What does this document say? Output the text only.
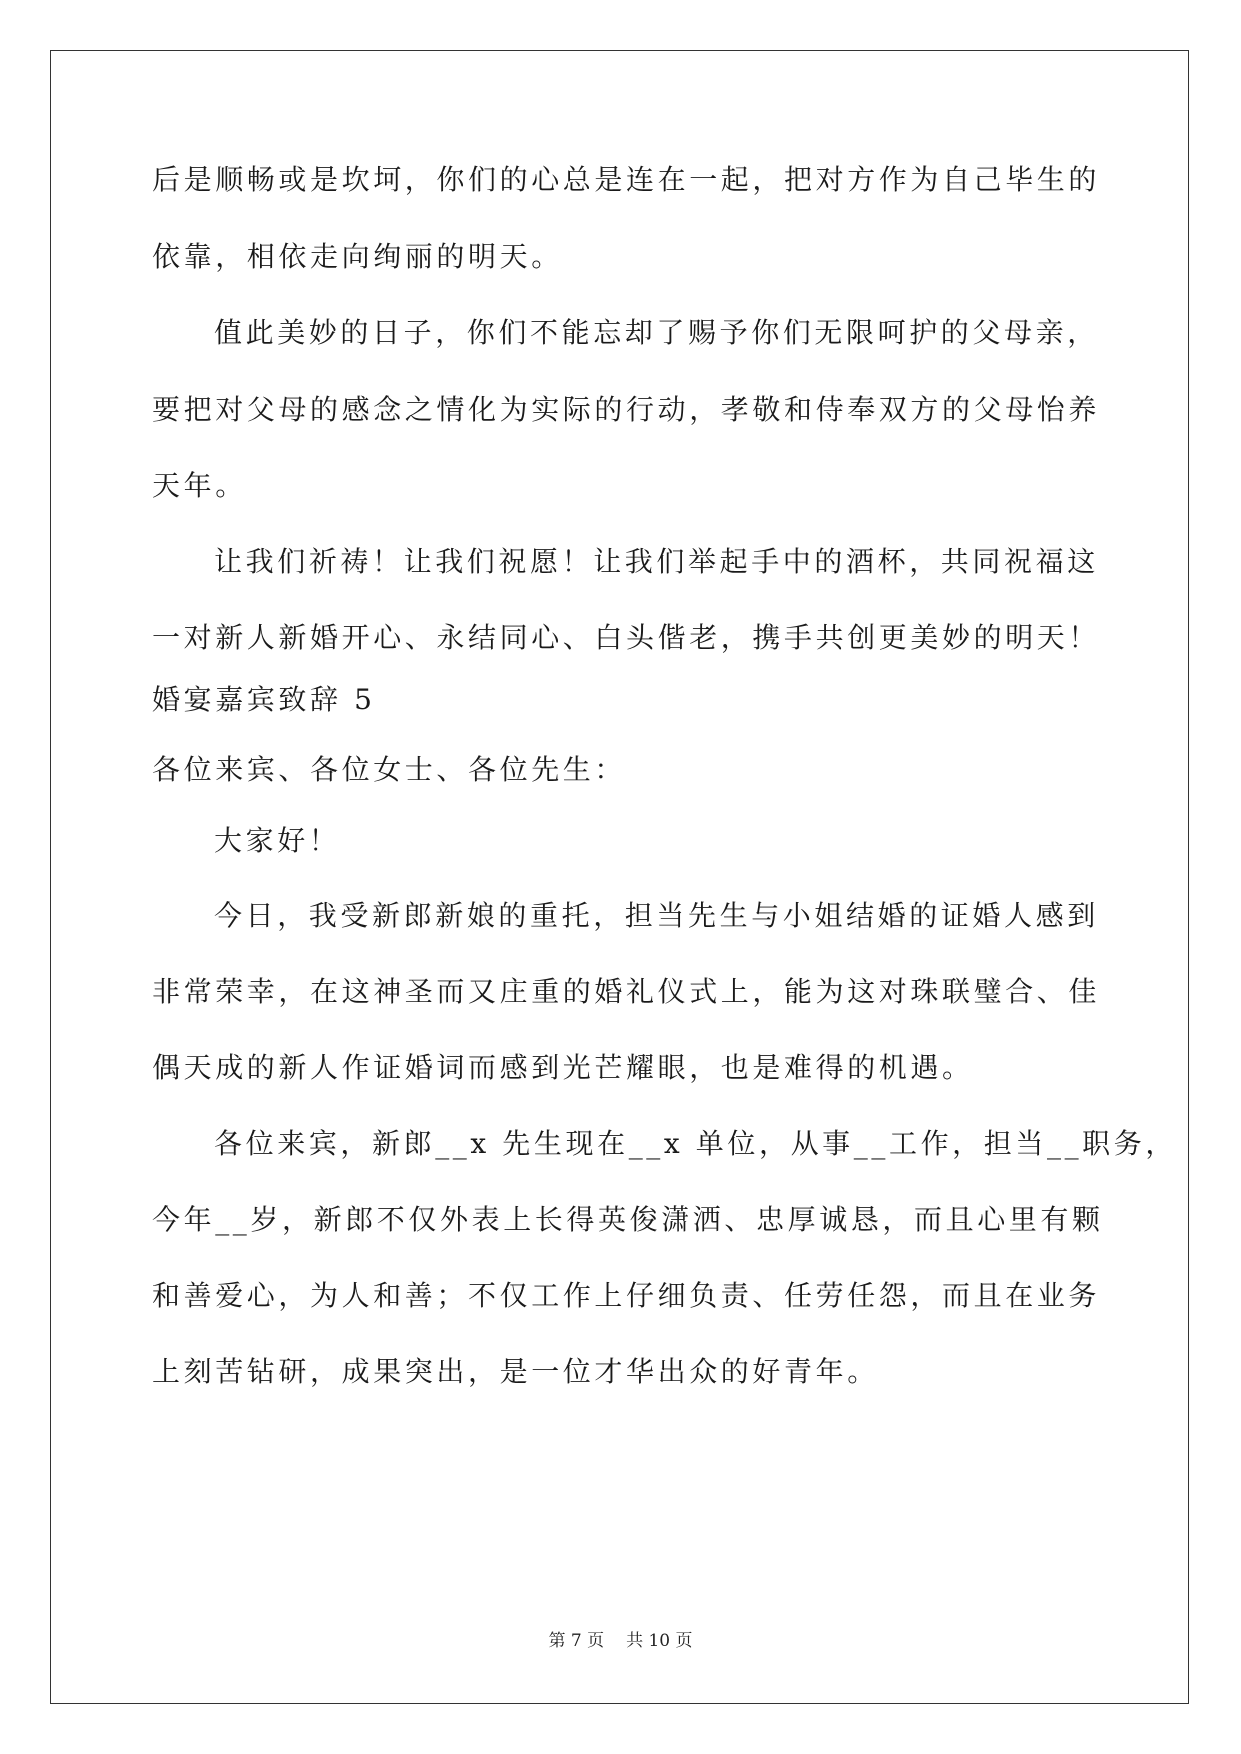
后是顺畅或是坎坷，你们的心总是连在一起，把对方作为自己毕生的
依靠，相依走向绚丽的明天。
值此美妙的日子，你们不能忘却了赐予你们无限呵护的父母亲，
要把对父母的感念之情化为实际的行动，孝敬和侍奉双方的父母怡养
天年。
让我们祈祷！让我们祝愿！让我们举起手中的酒杯，共同祝福这
一对新人新婚开心、永结同心、白头偕老，携手共创更美妙的明天！
婚宴嘉宾致辞 5
各位来宾、各位女士、各位先生：
大家好！
今日，我受新郎新娘的重托，担当先生与小姐结婚的证婚人感到
非常荣幸，在这神圣而又庄重的婚礼仪式上，能为这对珠联璧合、佳
偶天成的新人作证婚词而感到光芒耀眼，也是难得的机遇。
各位来宾，新郎__x 先生现在__x 单位，从事__工作，担当__职务，
今年__岁，新郎不仅外表上长得英俊潇洒、忠厚诚恳，而且心里有颗
和善爱心，为人和善；不仅工作上仔细负责、任劳任怨，而且在业务
上刻苦钻研，成果突出，是一位才华出众的好青年。
第 7 页 共 10 页
